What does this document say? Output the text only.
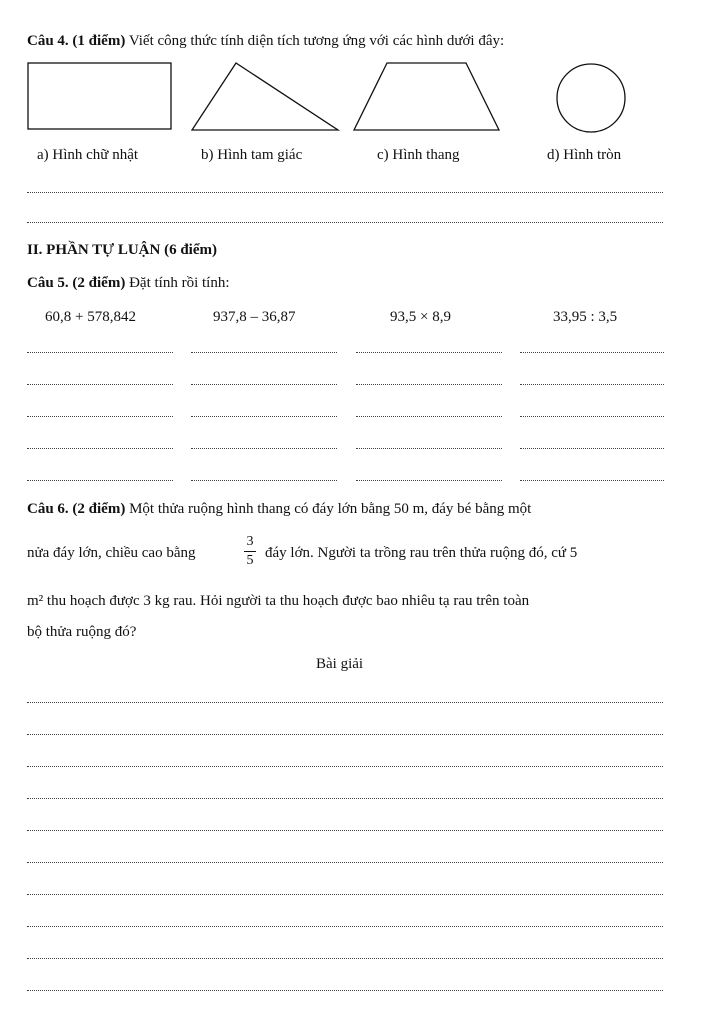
Câu 4. (1 điểm) Viết công thức tính diện tích tương ứng với các hình dưới đây:
a) Hình chữ nhật	b) Hình tam giác	c) Hình thang	d) Hình tròn
II. PHẦN TỰ LUẬN (6 điểm)
Câu 5. (2 điểm) Đặt tính rồi tính:
60,8 + 578,842	937,8 – 36,87	93,5 × 8,9	33,95 : 3,5
Câu 6. (2 điểm) Một thửa ruộng hình thang có đáy lớn bằng 50 m, đáy bé bằng một
nửa đáy lớn, chiều cao bằng
3
5 đáy lớn. Người ta trồng rau trên thửa ruộng đó, cứ 5
m² thu hoạch được 3 kg rau. Hỏi người ta thu hoạch được bao nhiêu tạ rau trên toàn
bộ thửa ruộng đó?
Bài giải
